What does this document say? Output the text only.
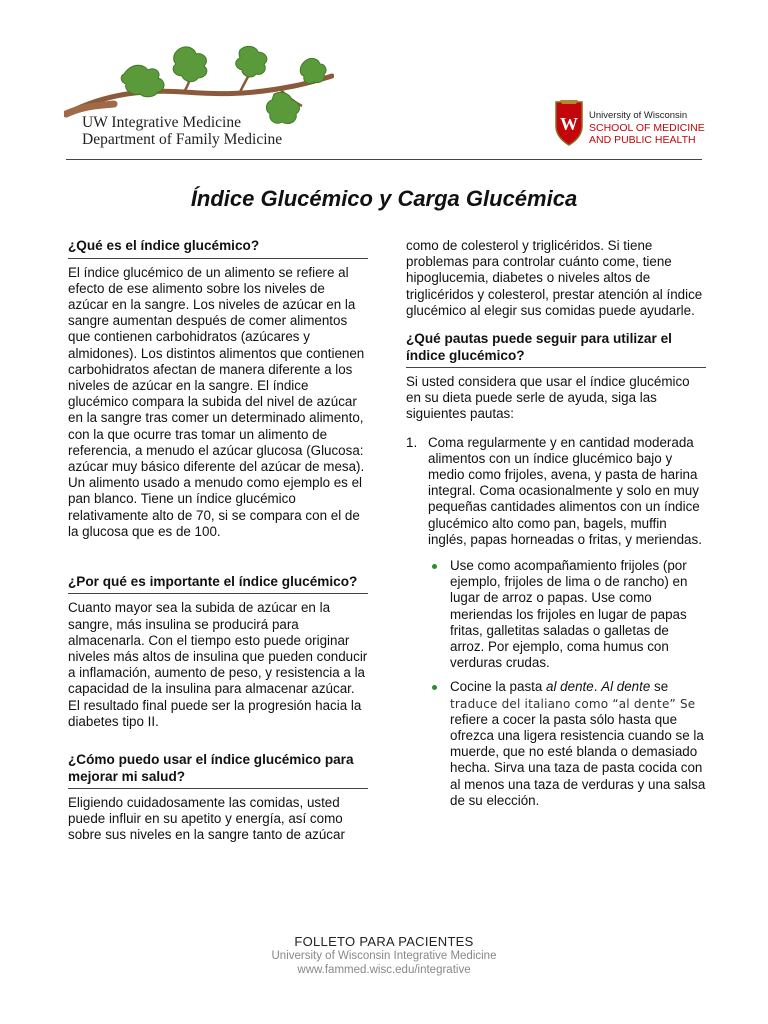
UW Integrative Medicine
Department of Family Medicine
W University of Wisconsin
SCHOOL OF MEDICINE
AND PUBLIC HEALTH
Índice Glucémico y Carga Glucémica
¿Qué es el índice glucémico?

El índice glucémico de un alimento se refiere al efecto de ese alimento sobre los niveles de azúcar en la sangre. Los niveles de azúcar en la sangre aumentan después de comer alimentos que contienen carbohidratos (azúcares y almidones). Los distintos alimentos que contienen carbohidratos afectan de manera diferente a los niveles de azúcar en la sangre. El índice glucémico compara la subida del nivel de azúcar en la sangre tras comer un determinado alimento, con la que ocurre tras tomar un alimento de referencia, a menudo el azúcar glucosa (Glucosa: azúcar muy básico diferente del azúcar de mesa). Un alimento usado a menudo como ejemplo es el pan blanco. Tiene un índice glucémico relativamente alto de 70, si se compara con el de la glucosa que es de 100.

¿Por qué es importante el índice glucémico?

Cuanto mayor sea la subida de azúcar en la sangre, más insulina se producirá para almacenarla. Con el tiempo esto puede originar niveles más altos de insulina que pueden conducir a inflamación, aumento de peso, y resistencia a la capacidad de la insulina para almacenar azúcar. El resultado final puede ser la progresión hacia la diabetes tipo II.

¿Cómo puedo usar el índice glucémico para mejorar mi salud?

Eligiendo cuidadosamente las comidas, usted puede influir en su apetito y energía, así como sobre sus niveles en la sangre tanto de azúcar

como de colesterol y triglicéridos. Si tiene problemas para controlar cuánto come, tiene hipoglucemia, diabetes o niveles altos de triglicéridos y colesterol, prestar atención al índice glucémico al elegir sus comidas puede ayudarle.

¿Qué pautas puede seguir para utilizar el índice glucémico?

Si usted considera que usar el índice glucémico en su dieta puede serle de ayuda, siga las siguientes pautas:

1. Coma regularmente y en cantidad moderada alimentos con un índice glucémico bajo y medio como frijoles, avena, y pasta de harina integral. Coma ocasionalmente y solo en muy pequeñas cantidades alimentos con un índice glucémico alto como pan, bagels, muffin inglés, papas horneadas o fritas, y meriendas.
Use como acompañamiento frijoles (por ejemplo, frijoles de lima o de rancho) en lugar de arroz o papas. Use como meriendas los frijoles en lugar de papas fritas, galletitas saladas o galletas de arroz. Por ejemplo, coma humus con verduras crudas.
Cocine la pasta al dente. Al dente se traduce del italiano como “al dente” Se refiere a cocer la pasta sólo hasta que ofrezca una ligera resistencia cuando se la muerde, que no esté blanda o demasiado hecha. Sirva una taza de pasta cocida con al menos una taza de verduras y una salsa de su elección.
FOLLETO PARA PACIENTES
University of Wisconsin Integrative Medicine
www.fammed.wisc.edu/integrative
